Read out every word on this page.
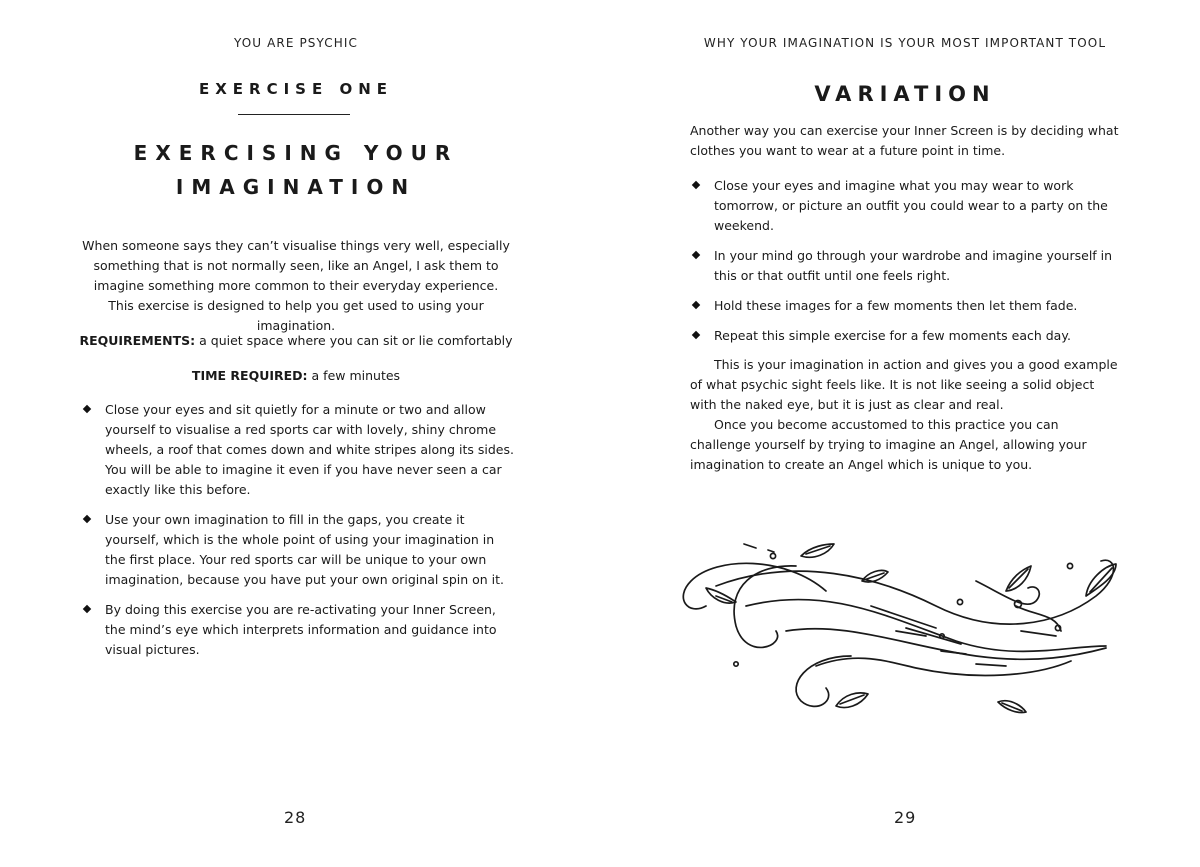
YOU ARE PSYCHIC
EXERCISE ONE
EXERCISING YOUR
IMAGINATION

When someone says they can’t visualise things very well, especially something that is not normally seen, like an Angel, I ask them to imagine something more common to their everyday experience. This exercise is designed to help you get used to using your imagination.

REQUIREMENTS: a quiet space where you can sit or lie comfortably

TIME REQUIRED: a few minutes

28
Close your eyes and sit quietly for a minute or two and allow yourself to visualise a red sports car with lovely, shiny chrome wheels, a roof that comes down and white stripes along its sides. You will be able to imagine it even if you have never seen a car exactly like this before.
Use your own imagination to fill in the gaps, you create it yourself, which is the whole point of using your imagination in the first place. Your red sports car will be unique to your own imagination, because you have put your own original spin on it.
By doing this exercise you are re-activating your Inner Screen, the mind’s eye which interprets information and guidance into visual pictures.
WHY YOUR IMAGINATION IS YOUR MOST IMPORTANT TOOL
VARIATION
29

Another way you can exercise your Inner Screen is by deciding what clothes you want to wear at a future point in time.

Close your eyes and imagine what you may wear to work tomorrow, or picture an outfit you could wear to a party on the weekend.
In your mind go through your wardrobe and imagine yourself in this or that outfit until one feels right.
Hold these images for a few moments then let them fade.
Repeat this simple exercise for a few moments each day.
This is your imagination in action and gives you a good example of what psychic sight feels like. It is not like seeing a solid object with the naked eye, but it is just as clear and real.
Once you become accustomed to this practice you can challenge yourself by trying to imagine an Angel, allowing your imagination to create an Angel which is unique to you.
